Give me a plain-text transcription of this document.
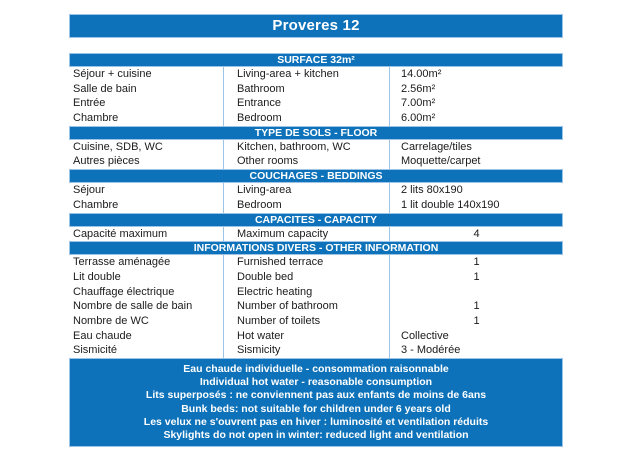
Proveres 12
SURFACE 32m²
Séjour + cuisine	Living-area + kitchen	14.00m²
Salle de bain	Bathroom	2.56m²
Entrée	Entrance	7.00m²
Chambre	Bedroom	6.00m²
TYPE DE SOLS - FLOOR
Cuisine, SDB, WC	Kitchen, bathroom, WC	Carrelage/tiles
Autres pièces	Other rooms	Moquette/carpet
COUCHAGES - BEDDINGS
Séjour	Living-area	2 lits 80x190
Chambre	Bedroom	1 lit double 140x190
CAPACITES - CAPACITY
Capacité maximum	Maximum capacity	4
INFORMATIONS DIVERS - OTHER INFORMATION
Terrasse aménagée	Furnished terrace	1
Lit double	Double bed	1
Chauffage électrique	Electric heating
Nombre de salle de bain	Number of bathroom	1
Nombre de WC	Number of toilets	1
Eau chaude	Hot water	Collective
Sismicité	Sismicity	3 - Modérée
Eau chaude individuelle - consommation raisonnable
Individual hot water - reasonable consumption
Lits superposés : ne conviennent pas aux enfants de moins de 6ans
Bunk beds: not suitable for children under 6 years old
Les velux ne s'ouvrent pas en hiver : luminosité et ventilation réduits
Skylights do not open in winter: reduced light and ventilation
